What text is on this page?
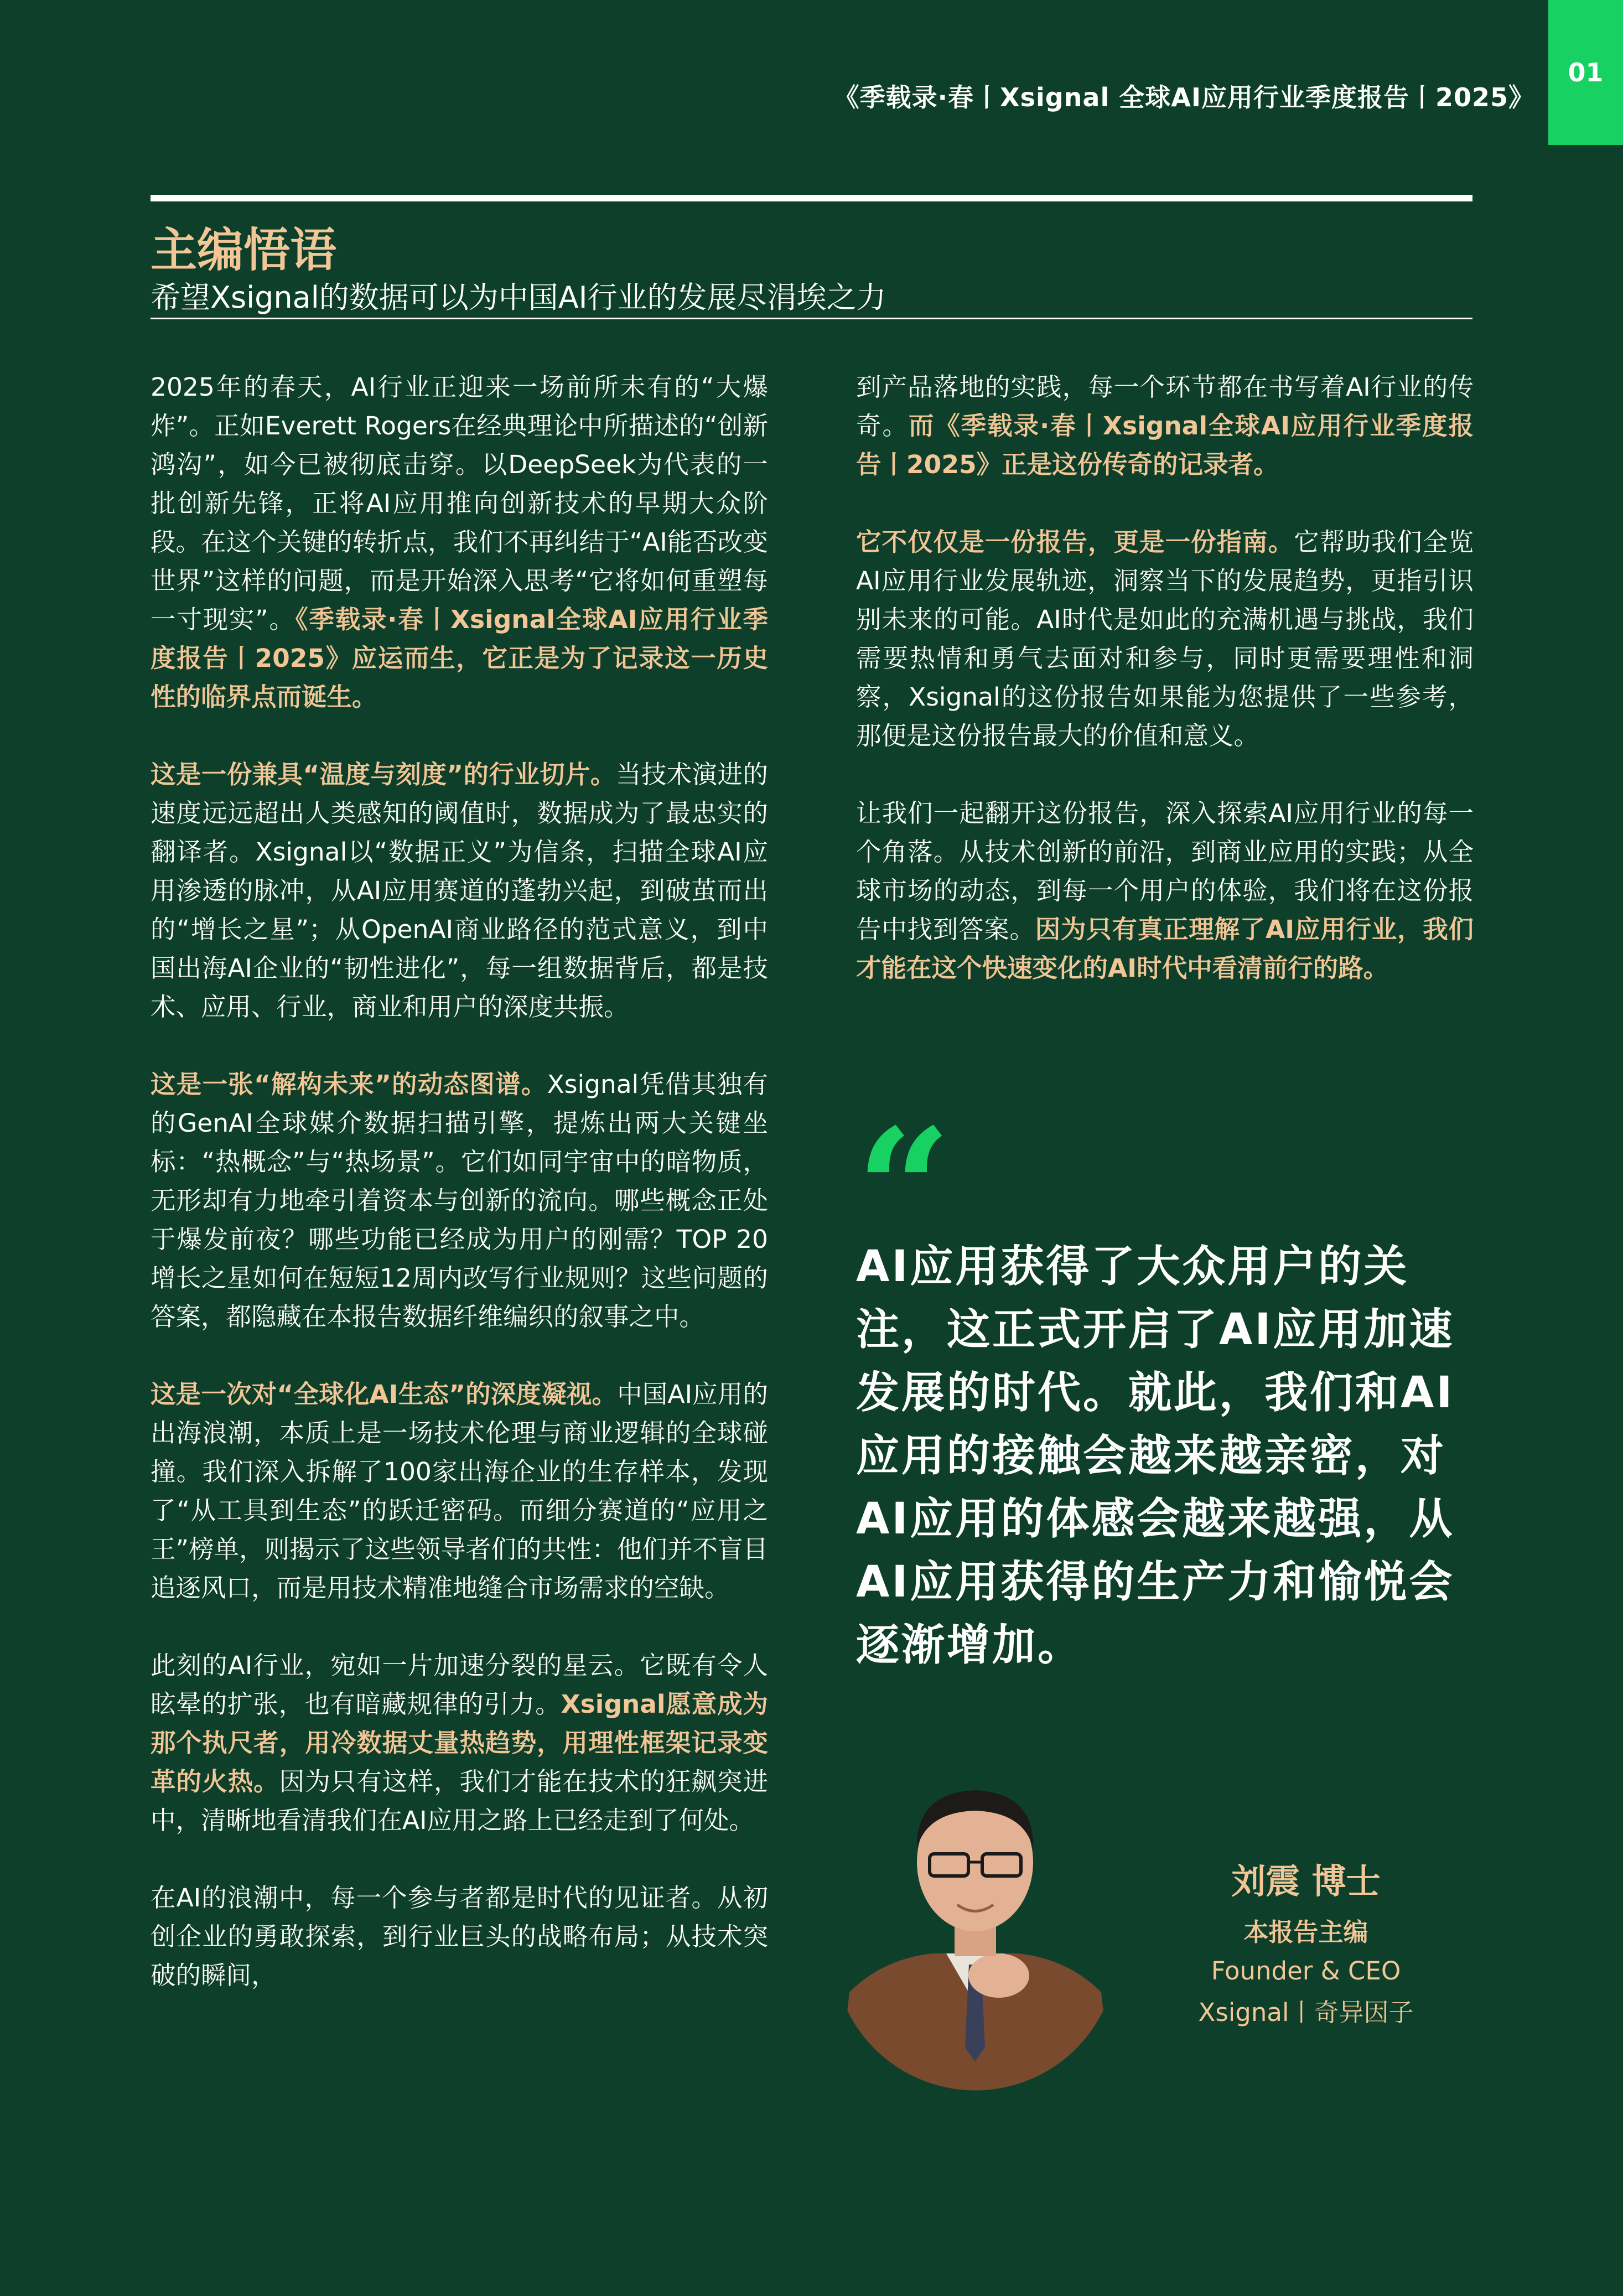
《季载录·春丨Xsignal 全球AI应用行业季度报告丨2025》
01
主编悟语
希望Xsignal的数据可以为中国AI行业的发展尽涓埃之力

2025年的春天，AI行业正迎来一场前所未有的“大爆炸”。正如Everett Rogers在经典理论中所描述的“创新鸿沟”，如今已被彻底击穿。以DeepSeek为代表的一批创新先锋，正将AI应用推向创新技术的早期大众阶段。在这个关键的转折点，我们不再纠结于“AI能否改变世界”这样的问题，而是开始深入思考“它将如何重塑每一寸现实”。《季载录·春丨Xsignal全球AI应用行业季度报告丨2025》应运而生，它正是为了记录这一历史性的临界点而诞生。

这是一份兼具“温度与刻度”的行业切片。当技术演进的速度远远超出人类感知的阈值时，数据成为了最忠实的翻译者。Xsignal以“数据正义”为信条，扫描全球AI应用渗透的脉冲，从AI应用赛道的蓬勃兴起，到破茧而出的“增长之星”；从OpenAI商业路径的范式意义，到中国出海AI企业的“韧性进化”，每一组数据背后，都是技术、应用、行业，商业和用户的深度共振。

这是一张“解构未来”的动态图谱。Xsignal凭借其独有的GenAI全球媒介数据扫描引擎，提炼出两大关键坐标：“热概念”与“热场景”。它们如同宇宙中的暗物质，无形却有力地牵引着资本与创新的流向。哪些概念正处于爆发前夜？哪些功能已经成为用户的刚需？TOP 20增长之星如何在短短12周内改写行业规则？这些问题的答案，都隐藏在本报告数据纤维编织的叙事之中。

这是一次对“全球化AI生态”的深度凝视。中国AI应用的出海浪潮，本质上是一场技术伦理与商业逻辑的全球碰撞。我们深入拆解了100家出海企业的生存样本，发现了“从工具到生态”的跃迁密码。而细分赛道的“应用之王”榜单，则揭示了这些领导者们的共性：他们并不盲目追逐风口，而是用技术精准地缝合市场需求的空缺。

此刻的AI行业，宛如一片加速分裂的星云。它既有令人眩晕的扩张，也有暗藏规律的引力。Xsignal愿意成为那个执尺者，用冷数据丈量热趋势，用理性框架记录变革的火热。因为只有这样，我们才能在技术的狂飙突进中，清晰地看清我们在AI应用之路上已经走到了何处。

在AI的浪潮中，每一个参与者都是时代的见证者。从初创企业的勇敢探索，到行业巨头的战略布局；从技术突破的瞬间，

到产品落地的实践，每一个环节都在书写着AI行业的传奇。而《季载录·春丨Xsignal全球AI应用行业季度报告丨2025》正是这份传奇的记录者。

它不仅仅是一份报告，更是一份指南。它帮助我们全览AI应用行业发展轨迹，洞察当下的发展趋势，更指引识别未来的可能。AI时代是如此的充满机遇与挑战，我们需要热情和勇气去面对和参与，同时更需要理性和洞察，Xsignal的这份报告如果能为您提供了一些参考，那便是这份报告最大的价值和意义。

让我们一起翻开这份报告，深入探索AI应用行业的每一个角落。从技术创新的前沿，到商业应用的实践；从全球市场的动态，到每一个用户的体验，我们将在这份报告中找到答案。因为只有真正理解了AI应用行业，我们才能在这个快速变化的AI时代中看清前行的路。

“
AI应用获得了大众用户的关注，这正式开启了AI应用加速发展的时代。就此，我们和AI应用的接触会越来越亲密，对AI应用的体感会越来越强，从AI应用获得的生产力和愉悦会逐渐增加。
刘震 博士
本报告主编
Founder & CEO
Xsignal丨奇异因子
